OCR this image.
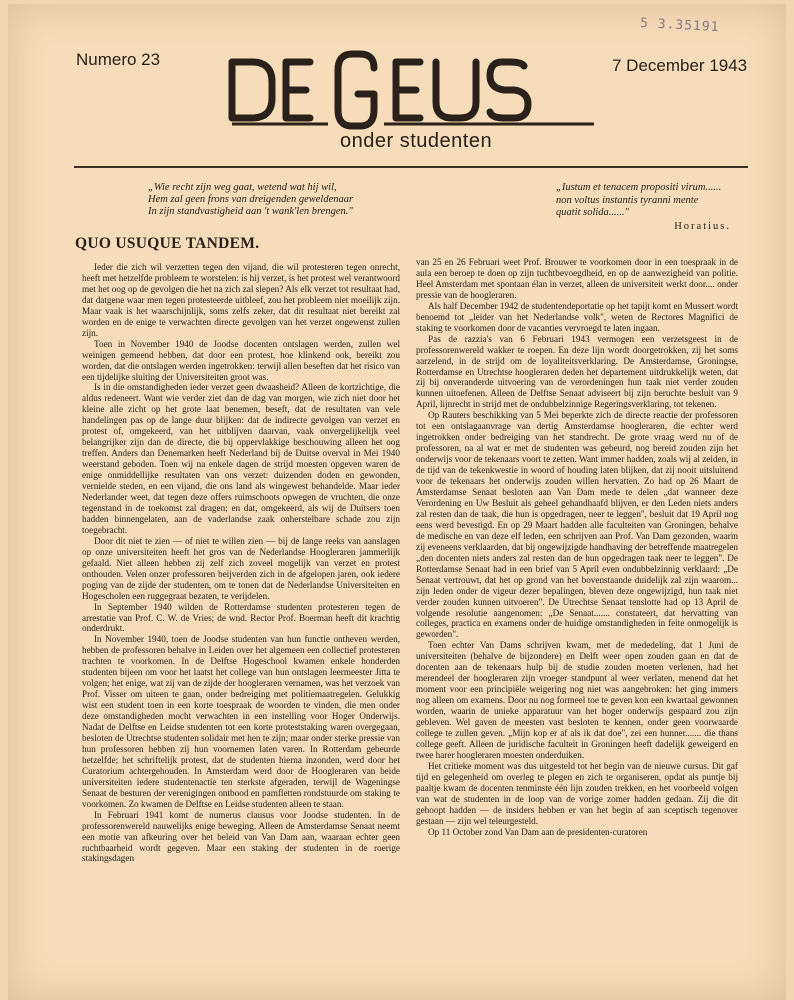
5 3.35191
Numero 23	7 December 1943
onder studenten
„Wie recht zijn weg gaat, wetend wat hij wil,
Hem zal geen frons van dreigenden geweldenaar
In zijn standvastigheid aan 't wank'len brengen."
„Iustum et tenacem propositi virum......
non voltus instantis tyranni mente
quatit solida......"
Horatius.
QUO USUQUE TANDEM.

Ieder die zich wil verzetten tegen den vijand, die wil protesteren tegen onrecht, heeft met hetzelfde probleem te worstelen: is hij verzet, is het protest wel verantwoord met het oog op de gevolgen die het na zich zal slepen? Als elk verzet tot resultaat had, dat datgene waar men tegen protesteerde uitbleef, zou het probleem niet moeilijk zijn. Maar vaak is het waarschijnlijk, soms zelfs zeker, dat dit resultaat niet bereikt zal worden en de enige te verwachten directe gevolgen van het verzet ongewenst zullen zijn.

Toen in November 1940 de Joodse docenten ontslagen werden, zullen wel weinigen gemeend hebben, dat door een protest, hoe klinkend ook, bereikt zou worden, dat die ontslagen werden ingetrokken: terwijl allen beseften dat het risico van een tijdelijke sluiting der Universiteiten groot was.

Is in die omstandigheden ieder verzet geen dwaasheid? Alleen de kortzichtige, die aldus redeneert. Want wie verder ziet dan de dag van morgen, wie zich niet door het kleine alle zicht op het grote laat benemen, beseft, dat de resultaten van vele handelingen pas op de lange duur blijken: dat de indirecte gevolgen van verzet en protest of, omgekeerd, van het uitblijven daarvan, vaak onvergelijkelijk veel belangrijker zijn dan de directe, die bij oppervlakkige beschouwing alleen het oog treffen. Anders dan Denemarken heeft Nederland bij de Duitse overval in Mei 1940 weerstand geboden. Toen wij na enkele dagen de strijd moesten opgeven waren de enige onmiddellijke resultaten van ons verzet: duizenden doden en gewonden, vernielde steden, en een vijand, die ons land als wingewest behandelde. Maar ieder Nederlander weet, dat tegen deze offers ruimschoots opwegen de vruchten, die onze tegenstand in de toekomst zal dragen; en dat, omgekeerd, als wij de Duitsers toen hadden binnengelaten, aan de vaderlandse zaak onherstelbare schade zou zijn toegebracht.

Door dit niet te zien — of niet te willen zien — bij de lange reeks van aanslagen op onze universiteiten heeft het gros van de Nederlandse Hoogleraren jammerlijk gefaald. Niet alleen hebben zij zelf zich zoveel mogelijk van verzet en protest onthouden. Velen onzer professoren beijverden zich in de afgelopen jaren, ook iedere poging van de zijde der studenten, om te tonen dat de Nederlandse Universiteiten en Hogescholen een ruggegraat bezaten, te verijdelen.

In September 1940 wilden de Rotterdamse studenten protesteren tegen de arrestatie van Prof. C. W. de Vries; de wnd. Rector Prof. Boerman heeft dit krachtig onderdrukt.

In November 1940, toen de Joodse studenten van hun functie ontheven werden, hebben de professoren behalve in Leiden over het algemeen een collectief protesteren trachten te voorkomen. In de Delftse Hogeschool kwamen enkele honderden studenten bijeen om voor het laatst het college van hun ontslagen leermeester Jitta te volgen; het enige, wat zij van de zijde der hoogleraren vernamen, was het verzoek van Prof. Visser om uiteen te gaan, onder bedreiging met politiemaatregelen. Gelukkig wist een student toen in een korte toespraak de woorden te vinden, die men onder deze omstandigheden mocht verwachten in een instelling voor Hoger Onderwijs. Nadat de Delftse en Leidse studenten tot een korte proteststaking waren overgegaan, besloten de Utrechtse studenten solidair met hen te zijn; maar onder sterke pressie van hun professoren hebben zij hun voornemen laten varen. In Rotterdam gebeurde hetzelfde; het schriftelijk protest, dat de studenten hierna inzonden, werd door het Curatorium achtergehouden. In Amsterdam werd door de Hoogleraren van beide universiteiten iedere studentenactie ten sterkste afgeraden, terwijl de Wageningse Senaat de besturen der verenigingen ontbood en pamfletten rondstuurde om staking te voorkomen. Zo kwamen de Delftse en Leidse studenten alleen te staan.

In Februari 1941 komt de numerus clausus voor Joodse studenten. In de professorenwereld nauwelijks enige beweging. Alleen de Amsterdamse Senaat neemt een motie van afkeuring over het beleid van Van Dam aan, waaraan echter geen ruchtbaarheid wordt gegeven. Maar een staking der studenten in de roerige stakingsdagen

van 25 en 26 Februari weet Prof. Brouwer te voorkomen door in een toespraak in de aula een beroep te doen op zijn tuchtbevoegdheid, en op de aanwezigheid van politie. Heel Amsterdam met spontaan élan in verzet, alleen de universiteit werkt door.... onder pressie van de hoogleraren.

Als half December 1942 de studentendeportatie op het tapijt komt en Mussert wordt benoemd tot „leider van het Nederlandse volk", weten de Rectores Magnifici de staking te voorkomen door de vacanties vervroegd te laten ingaan.

Pas de razzia's van 6 Februari 1943 vermogen een verzetsgeest in de professorenwereld wakker te roepen. En deze lijn wordt doorgetrokken, zij het soms aarzelend, in de strijd om de loyaliteitsverklaring. De Amsterdamse, Groningse, Rotterdamse en Utrechtse hoogleraren deden het departement uitdrukkelijk weten, dat zij bij onveranderde uitvoering van de verordeningen hun taak niet verder zouden kunnen uitoefenen. Alleen de Delftse Senaat adviseert bij zijn beruchte besluit van 9 April, lijnrecht in strijd met de ondubbelzinnige Regeringsverklaring, tot tekenen.

Op Rauters beschikking van 5 Mei beperkte zich de directe reactie der professoren tot een ontslagaanvrage van dertig Amsterdamse hoogleraren, die echter werd ingetrokken onder bedreiging van het standrecht. De grote vraag werd nu of de professoren, na al wat er met de studenten was gebeurd, nog bereid zouden zijn het onderwijs voor de tekenaars voort te zetten. Want immer hadden, zoals wij al zeiden, in de tijd van de tekenkwestie in woord of houding laten blijken, dat zij nooit uitsluitend voor de tekenaars het onderwijs zouden willen hervatten. Zo had op 26 Maart de Amsterdamse Senaat besloten aan Van Dam mede te delen „dat wanneer deze Verordening en Uw Besluit als geheel gehandhaafd blijven, er den Leden niets anders zal resten dan de taak, die hun is opgedragen, neer te leggen", besluit dat 19 April nog eens werd bevestigd. En op 29 Maart hadden alle faculteiten van Groningen, behalve de medische en van deze elf leden, een schrijven aan Prof. Van Dam gezonden, waarin zij eveneens verklaarden, dat bij ongewijzigde handhaving der betreffende maatregelen „den docenten niets anders zal resten dan de hun opgedragen taak neer te leggen". De Rotterdamse Senaat had in een brief van 5 April even ondubbelzinnig verklaard: „De Senaat vertrouwt, dat het op grond van het bovenstaande duidelijk zal zijn waarom... zijn leden onder de vigeur dezer bepalingen, bleven deze ongewijzigd, hun taak niet verder zouden kunnen uitvoeren". De Utrechtse Senaat tenslotte had op 13 April de volgende resolutie aangenomen: „De Senaat....... constateert, dat hervatting van colleges, practica en examens onder de huidige omstandigheden in feite onmogelijk is geworden".

Toen echter Van Dams schrijven kwam, met de mededeling, dat 1 Juni de universiteiten (behalve de bijzondere) en Delft weer open zouden gaan en dat de docenten aan de tekenaars hulp bij de studie zouden moeten verlenen, had het merendeel der hoogleraren zijn vroeger standpunt al weer verlaten, menend dat het moment voor een principiële weigering nog niet was aangebroken: het ging immers nog alleen om examens. Door nu nog formeel toe te geven kon een kwartaal gewonnen worden, waarin de unieke apparatuur van het hoger onderwijs gespaard zou zijn gebleven. Wel gaven de meesten vast besloten te kennen, onder geen voorwaarde college te zullen geven. „Mijn kop er af als ik dat doe", zei een hunner....... die thans college geeft. Alleen de juridische faculteit in Groningen heeft dadelijk geweigerd en twee harer hoogleraren moesten onderduiken.

Het critieke moment was dus uitgesteld tot het begin van de nieuwe cursus. Dit gaf tijd en gelegenheid om overleg te plegen en zich te organiseren, opdat als puntje bij paaltje kwam de docenten tenminste één lijn zouden trekken, en het voorbeeld volgen van wat de studenten in de loop van de vorige zomer hadden gedaan. Zij die dit gehoopt hadden — de insiders hebben er van het begin af aan sceptisch tegenover gestaan — zijn wel teleurgesteld.

Op 11 October zond Van Dam aan de presidenten-curatoren
